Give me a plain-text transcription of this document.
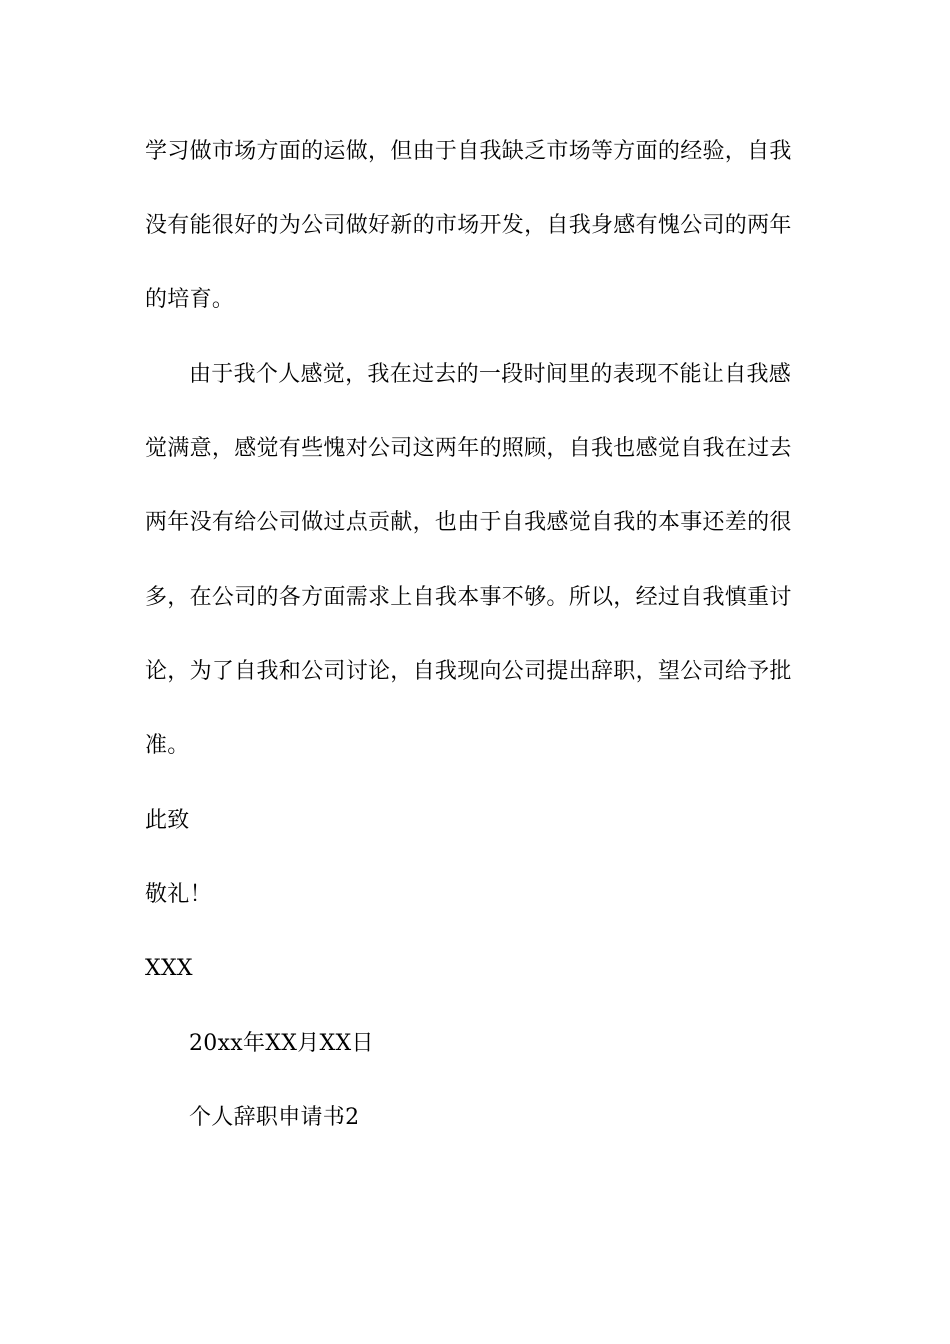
学习做市场方面的运做，但由于自我缺乏市场等方面的经验，自我
没有能很好的为公司做好新的市场开发，自我身感有愧公司的两年
的培育。
由于我个人感觉，我在过去的一段时间里的表现不能让自我感
觉满意，感觉有些愧对公司这两年的照顾，自我也感觉自我在过去
两年没有给公司做过点贡献，也由于自我感觉自我的本事还差的很
多，在公司的各方面需求上自我本事不够。所以，经过自我慎重讨
论，为了自我和公司讨论，自我现向公司提出辞职，望公司给予批
准。
此致
敬礼！
XXX
20xx年XX月XX日
个人辞职申请书2
